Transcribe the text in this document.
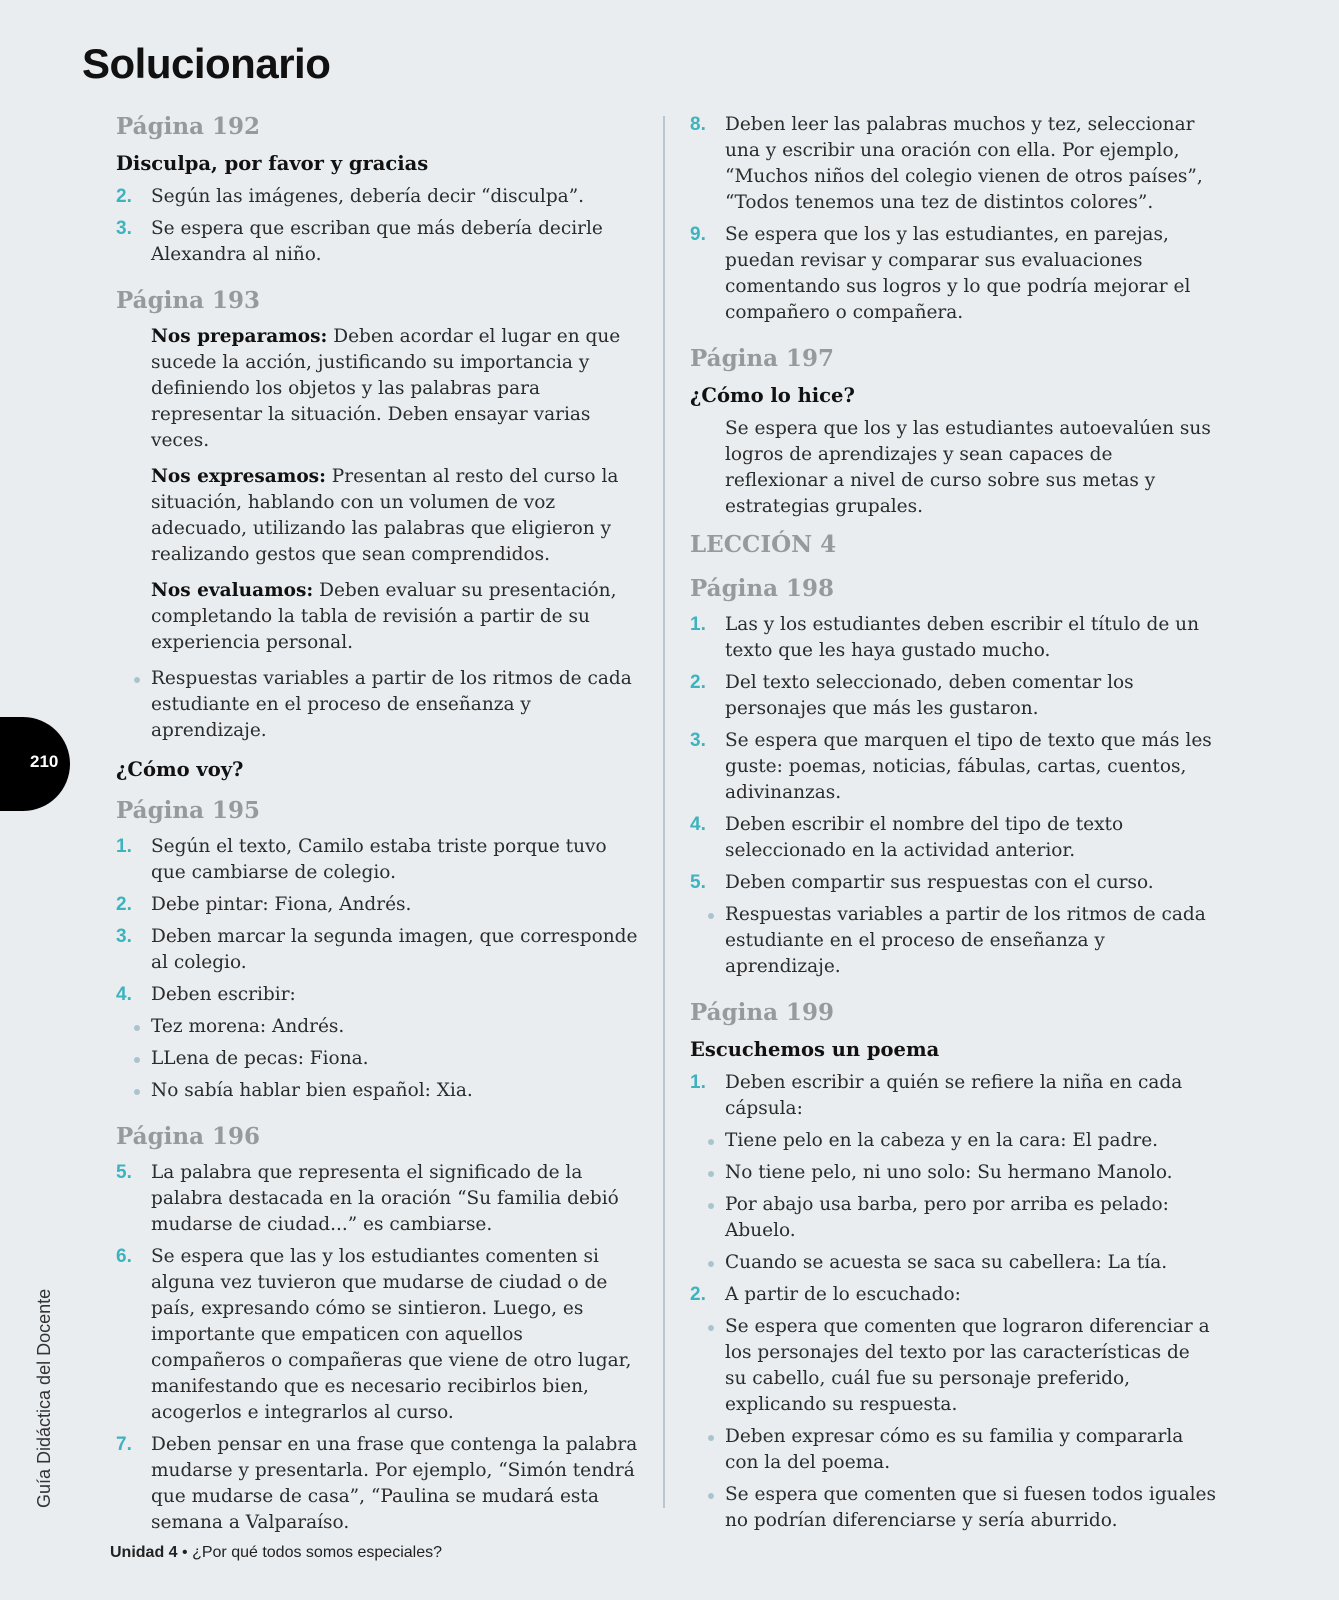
Solucionario
210
Guía Didáctica del Docente
Página 192
Disculpa, por favor y gracias
2. Según las imágenes, debería decir “disculpa”.
3. Se espera que escriban que más debería decirle Alexandra al niño.
Página 193
Nos preparamos: Deben acordar el lugar en que sucede la acción, justificando su importancia y definiendo los objetos y las palabras para representar la situación. Deben ensayar varias veces.
Nos expresamos: Presentan al resto del curso la situación, hablando con un volumen de voz adecuado, utilizando las palabras que eligieron y realizando gestos que sean comprendidos.
Nos evaluamos: Deben evaluar su presentación, completando la tabla de revisión a partir de su experiencia personal.
Respuestas variables a partir de los ritmos de cada estudiante en el proceso de enseñanza y aprendizaje.
¿Cómo voy?
Página 195
1. Según el texto, Camilo estaba triste porque tuvo que cambiarse de colegio.
2. Debe pintar: Fiona, Andrés.
3. Deben marcar la segunda imagen, que corresponde al colegio.
4. Deben escribir:
Tez morena: Andrés.
LLena de pecas: Fiona.
No sabía hablar bien español: Xia.
Página 196
5. La palabra que representa el significado de la palabra destacada en la oración “Su familia debió mudarse de ciudad...” es cambiarse.
6. Se espera que las y los estudiantes comenten si alguna vez tuvieron que mudarse de ciudad o de país, expresando cómo se sintieron. Luego, es importante que empaticen con aquellos compañeros o compañeras que viene de otro lugar, manifestando que es necesario recibirlos bien, acogerlos e integrarlos al curso.
7. Deben pensar en una frase que contenga la palabra mudarse y presentarla. Por ejemplo, “Simón tendrá que mudarse de casa”, “Paulina se mudará esta semana a Valparaíso.
8. Deben leer las palabras muchos y tez, seleccionar una y escribir una oración con ella. Por ejemplo, “Muchos niños del colegio vienen de otros países”, “Todos tenemos una tez de distintos colores”.
9. Se espera que los y las estudiantes, en parejas, puedan revisar y comparar sus evaluaciones comentando sus logros y lo que podría mejorar el compañero o compañera.
Página 197
¿Cómo lo hice?
Se espera que los y las estudiantes autoevalúen sus logros de aprendizajes y sean capaces de reflexionar a nivel de curso sobre sus metas y estrategias grupales.
LECCIÓN 4
Página 198
1. Las y los estudiantes deben escribir el título de un texto que les haya gustado mucho.
2. Del texto seleccionado, deben comentar los personajes que más les gustaron.
3. Se espera que marquen el tipo de texto que más les guste: poemas, noticias, fábulas, cartas, cuentos, adivinanzas.
4. Deben escribir el nombre del tipo de texto seleccionado en la actividad anterior.
5. Deben compartir sus respuestas con el curso.
Respuestas variables a partir de los ritmos de cada estudiante en el proceso de enseñanza y aprendizaje.
Página 199
Escuchemos un poema
1. Deben escribir a quién se refiere la niña en cada cápsula:
Tiene pelo en la cabeza y en la cara: El padre.
No tiene pelo, ni uno solo: Su hermano Manolo.
Por abajo usa barba, pero por arriba es pelado: Abuelo.
Cuando se acuesta se saca su cabellera: La tía.
2. A partir de lo escuchado:
Se espera que comenten que lograron diferenciar a los personajes del texto por las características de su cabello, cuál fue su personaje preferido, explicando su respuesta.
Deben expresar cómo es su familia y compararla con la del poema.
Se espera que comenten que si fuesen todos iguales no podrían diferenciarse y sería aburrido.
Unidad 4 • ¿Por qué todos somos especiales?
